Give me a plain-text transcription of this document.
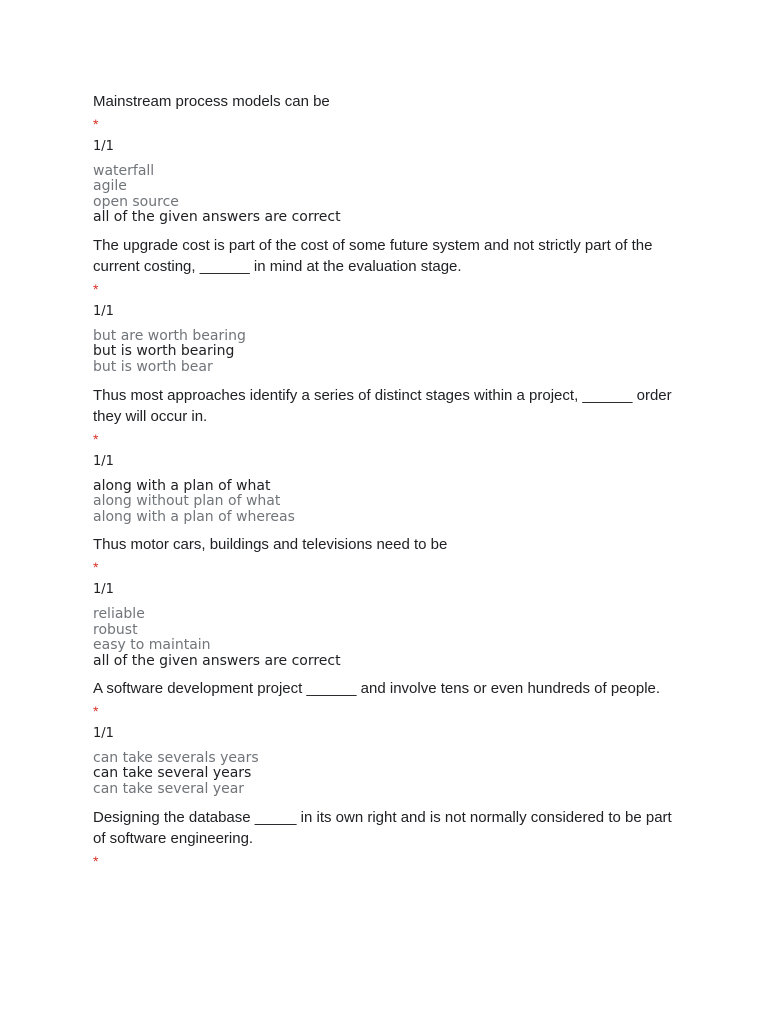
Mainstream process models can be

*
1/1
waterfall
agile
open source
all of the given answers are correct

The upgrade cost is part of the cost of some future system and not strictly part of the current costing, ______ in mind at the evaluation stage.

*
1/1
but are worth bearing
but is worth bearing
but is worth bear

Thus most approaches identify a series of distinct stages within a project, ______ order they will occur in.

*
1/1
along with a plan of what
along without plan of what
along with a plan of whereas

Thus motor cars, buildings and televisions need to be

*
1/1
reliable
robust
easy to maintain
all of the given answers are correct

A software development project ______ and involve tens or even hundreds of people.

*
1/1
can take severals years
can take several years
can take several year

Designing the database _____ in its own right and is not normally considered to be part of software engineering.

*
